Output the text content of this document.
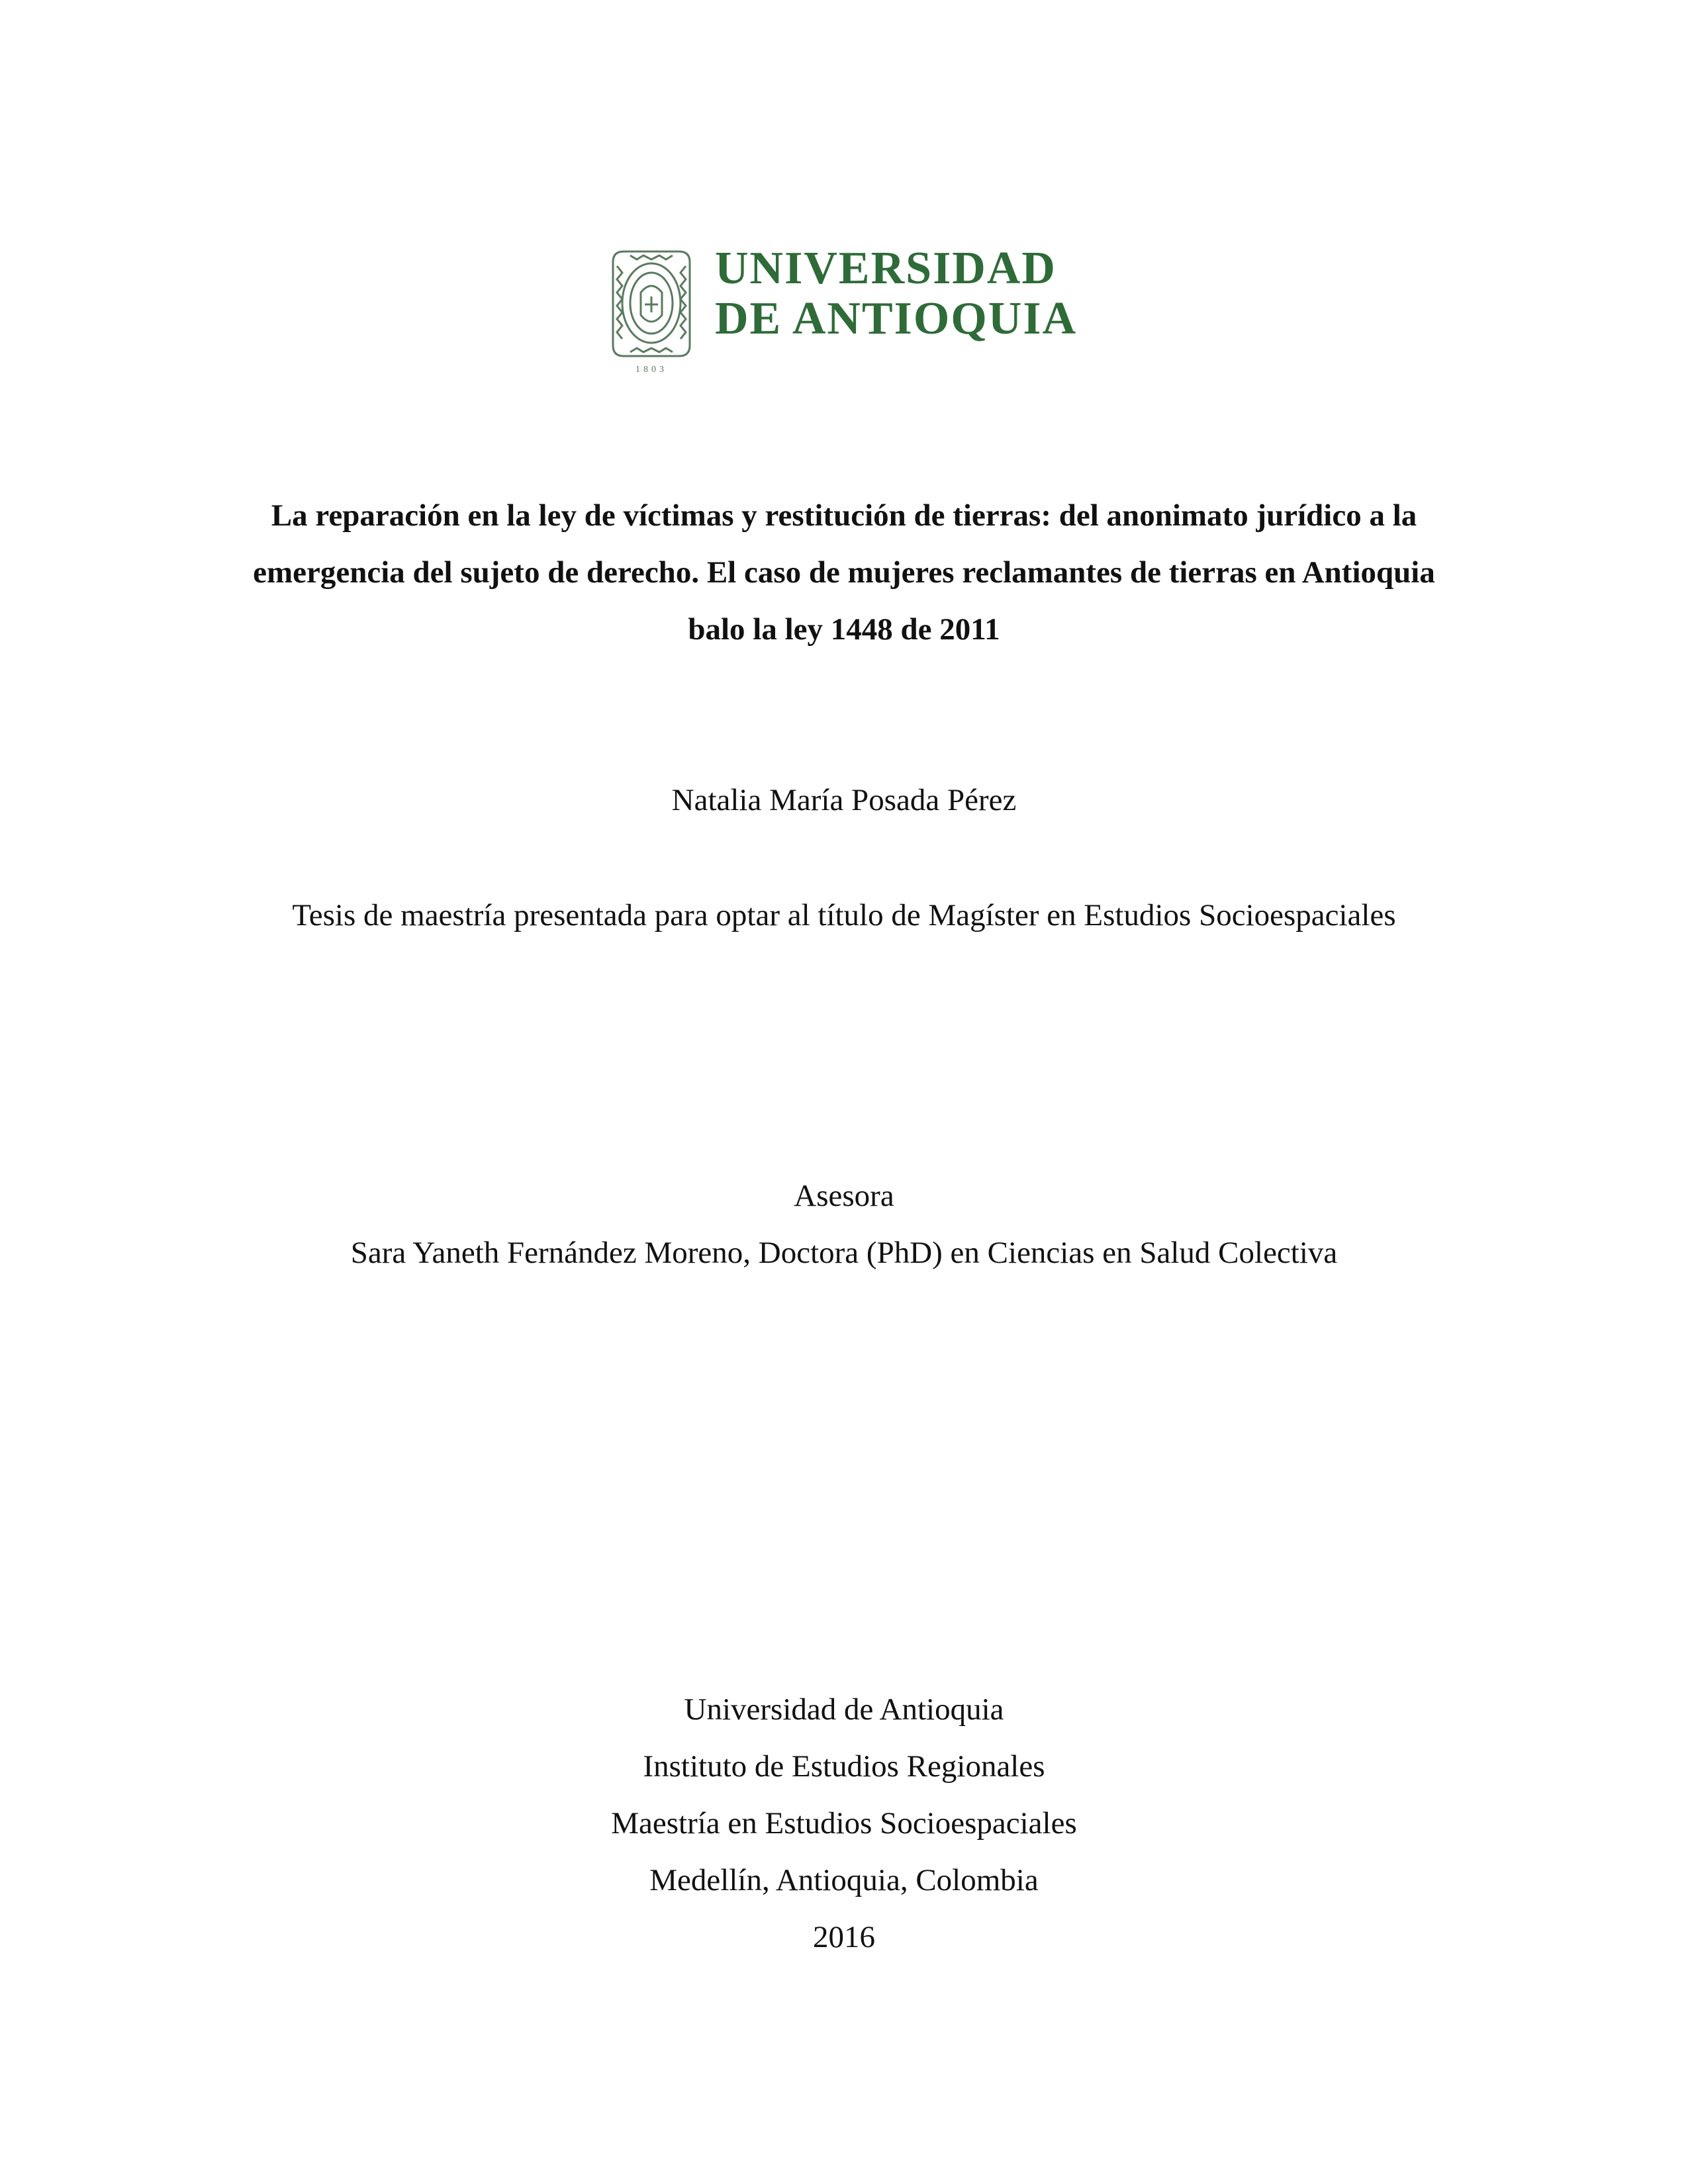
1803
UNIVERSIDAD
DE ANTIOQUIA
La reparación en la ley de víctimas y restitución de tierras: del anonimato jurídico a la
emergencia del sujeto de derecho. El caso de mujeres reclamantes de tierras en Antioquia
balo la ley 1448 de 2011
Natalia María Posada Pérez
Tesis de maestría presentada para optar al título de Magíster en Estudios Socioespaciales
Asesora
Sara Yaneth Fernández Moreno, Doctora (PhD) en Ciencias en Salud Colectiva
Universidad de Antioquia
Instituto de Estudios Regionales
Maestría en Estudios Socioespaciales
Medellín, Antioquia, Colombia
2016
